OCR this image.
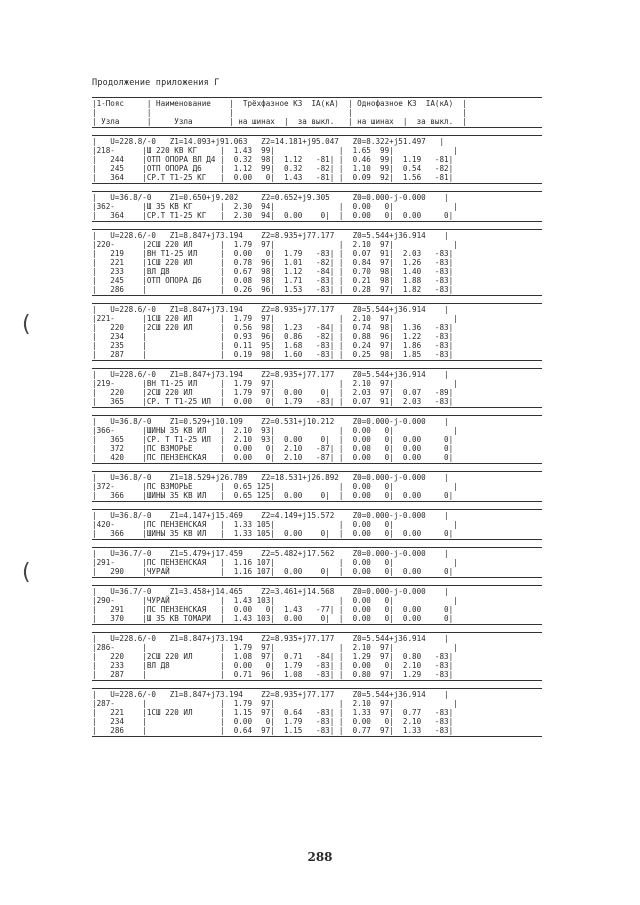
Продолжение приложения Г
|1-Пояс     | Наименование    |  Трёхфазное КЗ  IA(кА)  | Однофазное КЗ  IA(кА)  |
|           |                 |                         |                        |
| Узла      |     Узла        | на шинах  |  за выкл.   | на шинах  |  за выкл.  |
|   U=228.8/-0   Z1=14.093+j91.063   Z2=14.181+j95.047   Z0=8.322+j51.497   |
|218-      |Ш 220 КВ КГ     |  1.43  99|              |  1.65  99|             |
|   244    |ОТП ОПОРА ВЛ Д4 |  0.32  98|  1.12   -81| |  0.46  99|  1.19   -81|
|   245    |ОТП ОПОРА Д6    |  1.12  99|  0.32   -82| |  1.10  99|  0.54   -82|
|   364    |СР.Т Т1-25 КГ   |  0.00   0|  1.43   -81| |  0.09  92|  1.56   -81|
|   U=36.8/-0    Z1=0.650+j9.202     Z2=0.652+j9.305     Z0=0.000-j-0.000    |
|362-      |Ш 35 КВ КГ      |  2.30  94|              |  0.00   0|             |
|   364    |СР.Т Т1-25 КГ   |  2.30  94|  0.00    0|  |  0.00   0|  0.00     0|
|   U=228.6/-0   Z1=8.847+j73.194    Z2=8.935+j77.177    Z0=5.544+j36.914    |
|220-      |2СШ 220 ИЛ      |  1.79  97|              |  2.10  97|             |
|   219    |ВН Т1-25 ИЛ     |  0.00   0|  1.79   -83| |  0.07  91|  2.03   -83|
|   221    |1СШ 220 ИЛ      |  0.78  96|  1.01   -82| |  0.84  97|  1.26   -83|
|   233    |ВЛ Д8           |  0.67  98|  1.12   -84| |  0.70  98|  1.40   -83|
|   245    |ОТП ОПОРА Д6    |  0.08  98|  1.71   -83| |  0.21  98|  1.88   -83|
|   286    |                |  0.26  96|  1.53   -83| |  0.28  97|  1.82   -83|
|   U=228.6/-0   Z1=8.847+j73.194    Z2=8.935+j77.177    Z0=5.544+j36.914    |
|221-      |1СШ 220 ИЛ      |  1.79  97|              |  2.10  97|             |
|   220    |2СШ 220 ИЛ      |  0.56  98|  1.23   -84| |  0.74  98|  1.36   -83|
|   234    |                |  0.93  96|  0.86   -82| |  0.88  96|  1.22   -83|
|   235    |                |  0.11  95|  1.68   -83| |  0.24  97|  1.86   -83|
|   287    |                |  0.19  98|  1.60   -83| |  0.25  98|  1.85   -83|
|   U=228.6/-0   Z1=8.847+j73.194    Z2=8.935+j77.177    Z0=5.544+j36.914    |
|219-      |ВН Т1-25 ИЛ     |  1.79  97|              |  2.10  97|             |
|   220    |2СШ 220 ИЛ      |  1.79  97|  0.00    0|  |  2.03  97|  0.07   -89|
|   365    |СР. Т Т1-25 ИЛ  |  0.00   0|  1.79   -83| |  0.07  91|  2.03   -83|
|   U=36.8/-0    Z1=0.529+j10.109    Z2=0.531+j10.212    Z0=0.000-j-0.000    |
|366-      |ШИНЫ 35 КВ ИЛ   |  2.10  93|              |  0.00   0|             |
|   365    |СР. Т Т1-25 ИЛ  |  2.10  93|  0.00    0|  |  0.00   0|  0.00     0|
|   372    |ПС ВЗМОРЬЕ      |  0.00   0|  2.10   -87| |  0.00   0|  0.00     0|
|   420    |ПС ПЕНЗЕНСКАЯ   |  0.00   0|  2.10   -87| |  0.00   0|  0.00     0|
|   U=36.8/-0    Z1=18.529+j26.789   Z2=18.531+j26.892   Z0=0.000-j-0.000    |
|372-      |ПС ВЗМОРЬЕ      |  0.65 125|              |  0.00   0|             |
|   366    |ШИНЫ 35 КВ ИЛ   |  0.65 125|  0.00    0|  |  0.00   0|  0.00     0|
|   U=36.8/-0    Z1=4.147+j15.469    Z2=4.149+j15.572    Z0=0.000-j-0.000    |
|420-      |ПС ПЕНЗЕНСКАЯ   |  1.33 105|              |  0.00   0|             |
|   366    |ШИНЫ 35 КВ ИЛ   |  1.33 105|  0.00    0|  |  0.00   0|  0.00     0|
|   U=36.7/-0    Z1=5.479+j17.459    Z2=5.482+j17.562    Z0=0.000-j-0.000    |
|291-      |ПС ПЕНЗЕНСКАЯ   |  1.16 107|              |  0.00   0|             |
|   290    |ЧУРАЙ           |  1.16 107|  0.00    0|  |  0.00   0|  0.00     0|
|   U=36.7/-0    Z1=3.458+j14.465    Z2=3.461+j14.568    Z0=0.000-j-0.000    |
|290-      |ЧУРАЙ           |  1.43 103|              |  0.00   0|             |
|   291    |ПС ПЕНЗЕНСКАЯ   |  0.00   0|  1.43   -77| |  0.00   0|  0.00     0|
|   370    |Ш 35 КВ ТОМАРИ  |  1.43 103|  0.00    0|  |  0.00   0|  0.00     0|
|   U=228.6/-0   Z1=8.847+j73.194    Z2=8.935+j77.177    Z0=5.544+j36.914    |
|286-      |                |  1.79  97|              |  2.10  97|             |
|   220    |2СШ 220 ИЛ      |  1.08  97|  0.71   -84| |  1.29  97|  0.80   -83|
|   233    |ВЛ Д8           |  0.00   0|  1.79   -83| |  0.00   0|  2.10   -83|
|   287    |                |  0.71  96|  1.08   -83| |  0.80  97|  1.29   -83|
|   U=228.6/-0   Z1=8.847+j73.194    Z2=8.935+j77.177    Z0=5.544+j36.914    |
|287-      |                |  1.79  97|              |  2.10  97|             |
|   221    |1СШ 220 ИЛ      |  1.15  97|  0.64   -83| |  1.33  97|  0.77   -83|
|   234    |                |  0.00   0|  1.79   -83| |  0.00   0|  2.10   -83|
|   286    |                |  0.64  97|  1.15   -83| |  0.77  97|  1.33   -83|
(
(
288
